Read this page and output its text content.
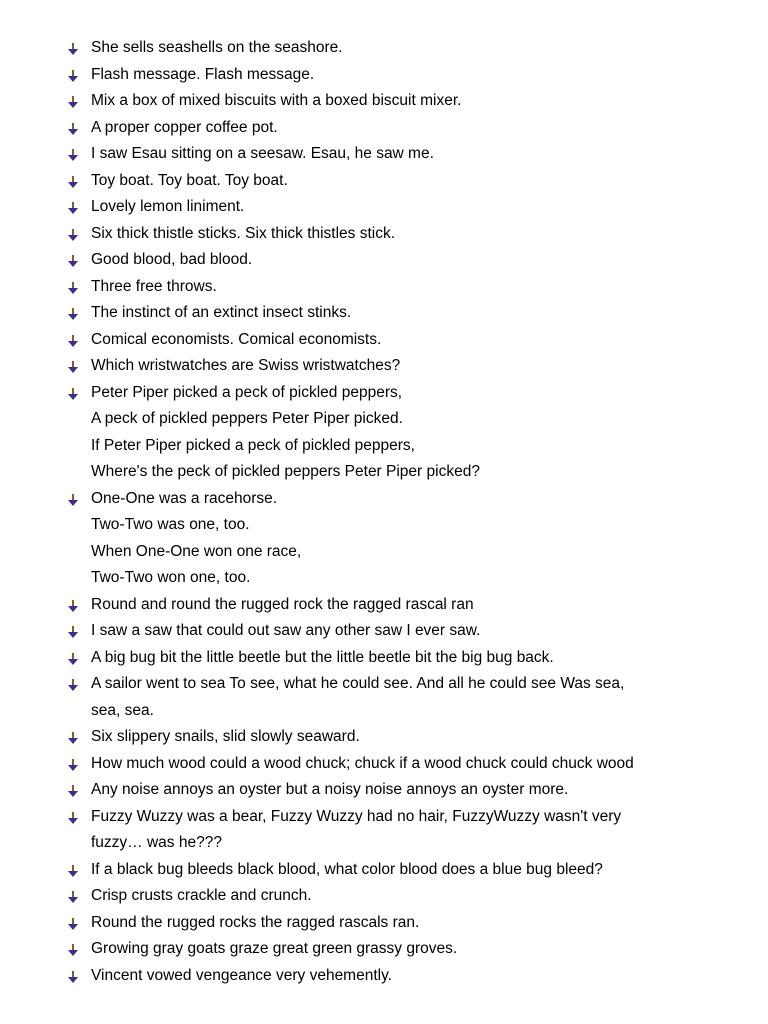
She sells seashells on the seashore.
Flash message. Flash message.
Mix a box of mixed biscuits with a boxed biscuit mixer.
A proper copper coffee pot.
I saw Esau sitting on a seesaw. Esau, he saw me.
Toy boat. Toy boat. Toy boat.
Lovely lemon liniment.
Six thick thistle sticks. Six thick thistles stick.
Good blood, bad blood.
Three free throws.
The instinct of an extinct insect stinks.
Comical economists. Comical economists.
Which wristwatches are Swiss wristwatches?
Peter Piper picked a peck of pickled peppers,
A peck of pickled peppers Peter Piper picked.
If Peter Piper picked a peck of pickled peppers,
Where's the peck of pickled peppers Peter Piper picked?
One-One was a racehorse.
Two-Two was one, too.
When One-One won one race,
Two-Two won one, too.
Round and round the rugged rock the ragged rascal ran
I saw a saw that could out saw any other saw I ever saw.
A big bug bit the little beetle but the little beetle bit the big bug back.
A sailor went to sea To see, what he could see. And all he could see Was sea,
sea, sea.
Six slippery snails, slid slowly seaward.
How much wood could a wood chuck; chuck if a wood chuck could chuck wood
Any noise annoys an oyster but a noisy noise annoys an oyster more.
Fuzzy Wuzzy was a bear, Fuzzy Wuzzy had no hair, FuzzyWuzzy wasn't very
fuzzy… was he???
If a black bug bleeds black blood, what color blood does a blue bug bleed?
Crisp crusts crackle and crunch.
Round the rugged rocks the ragged rascals ran.
Growing gray goats graze great green grassy groves.
Vincent vowed vengeance very vehemently.
